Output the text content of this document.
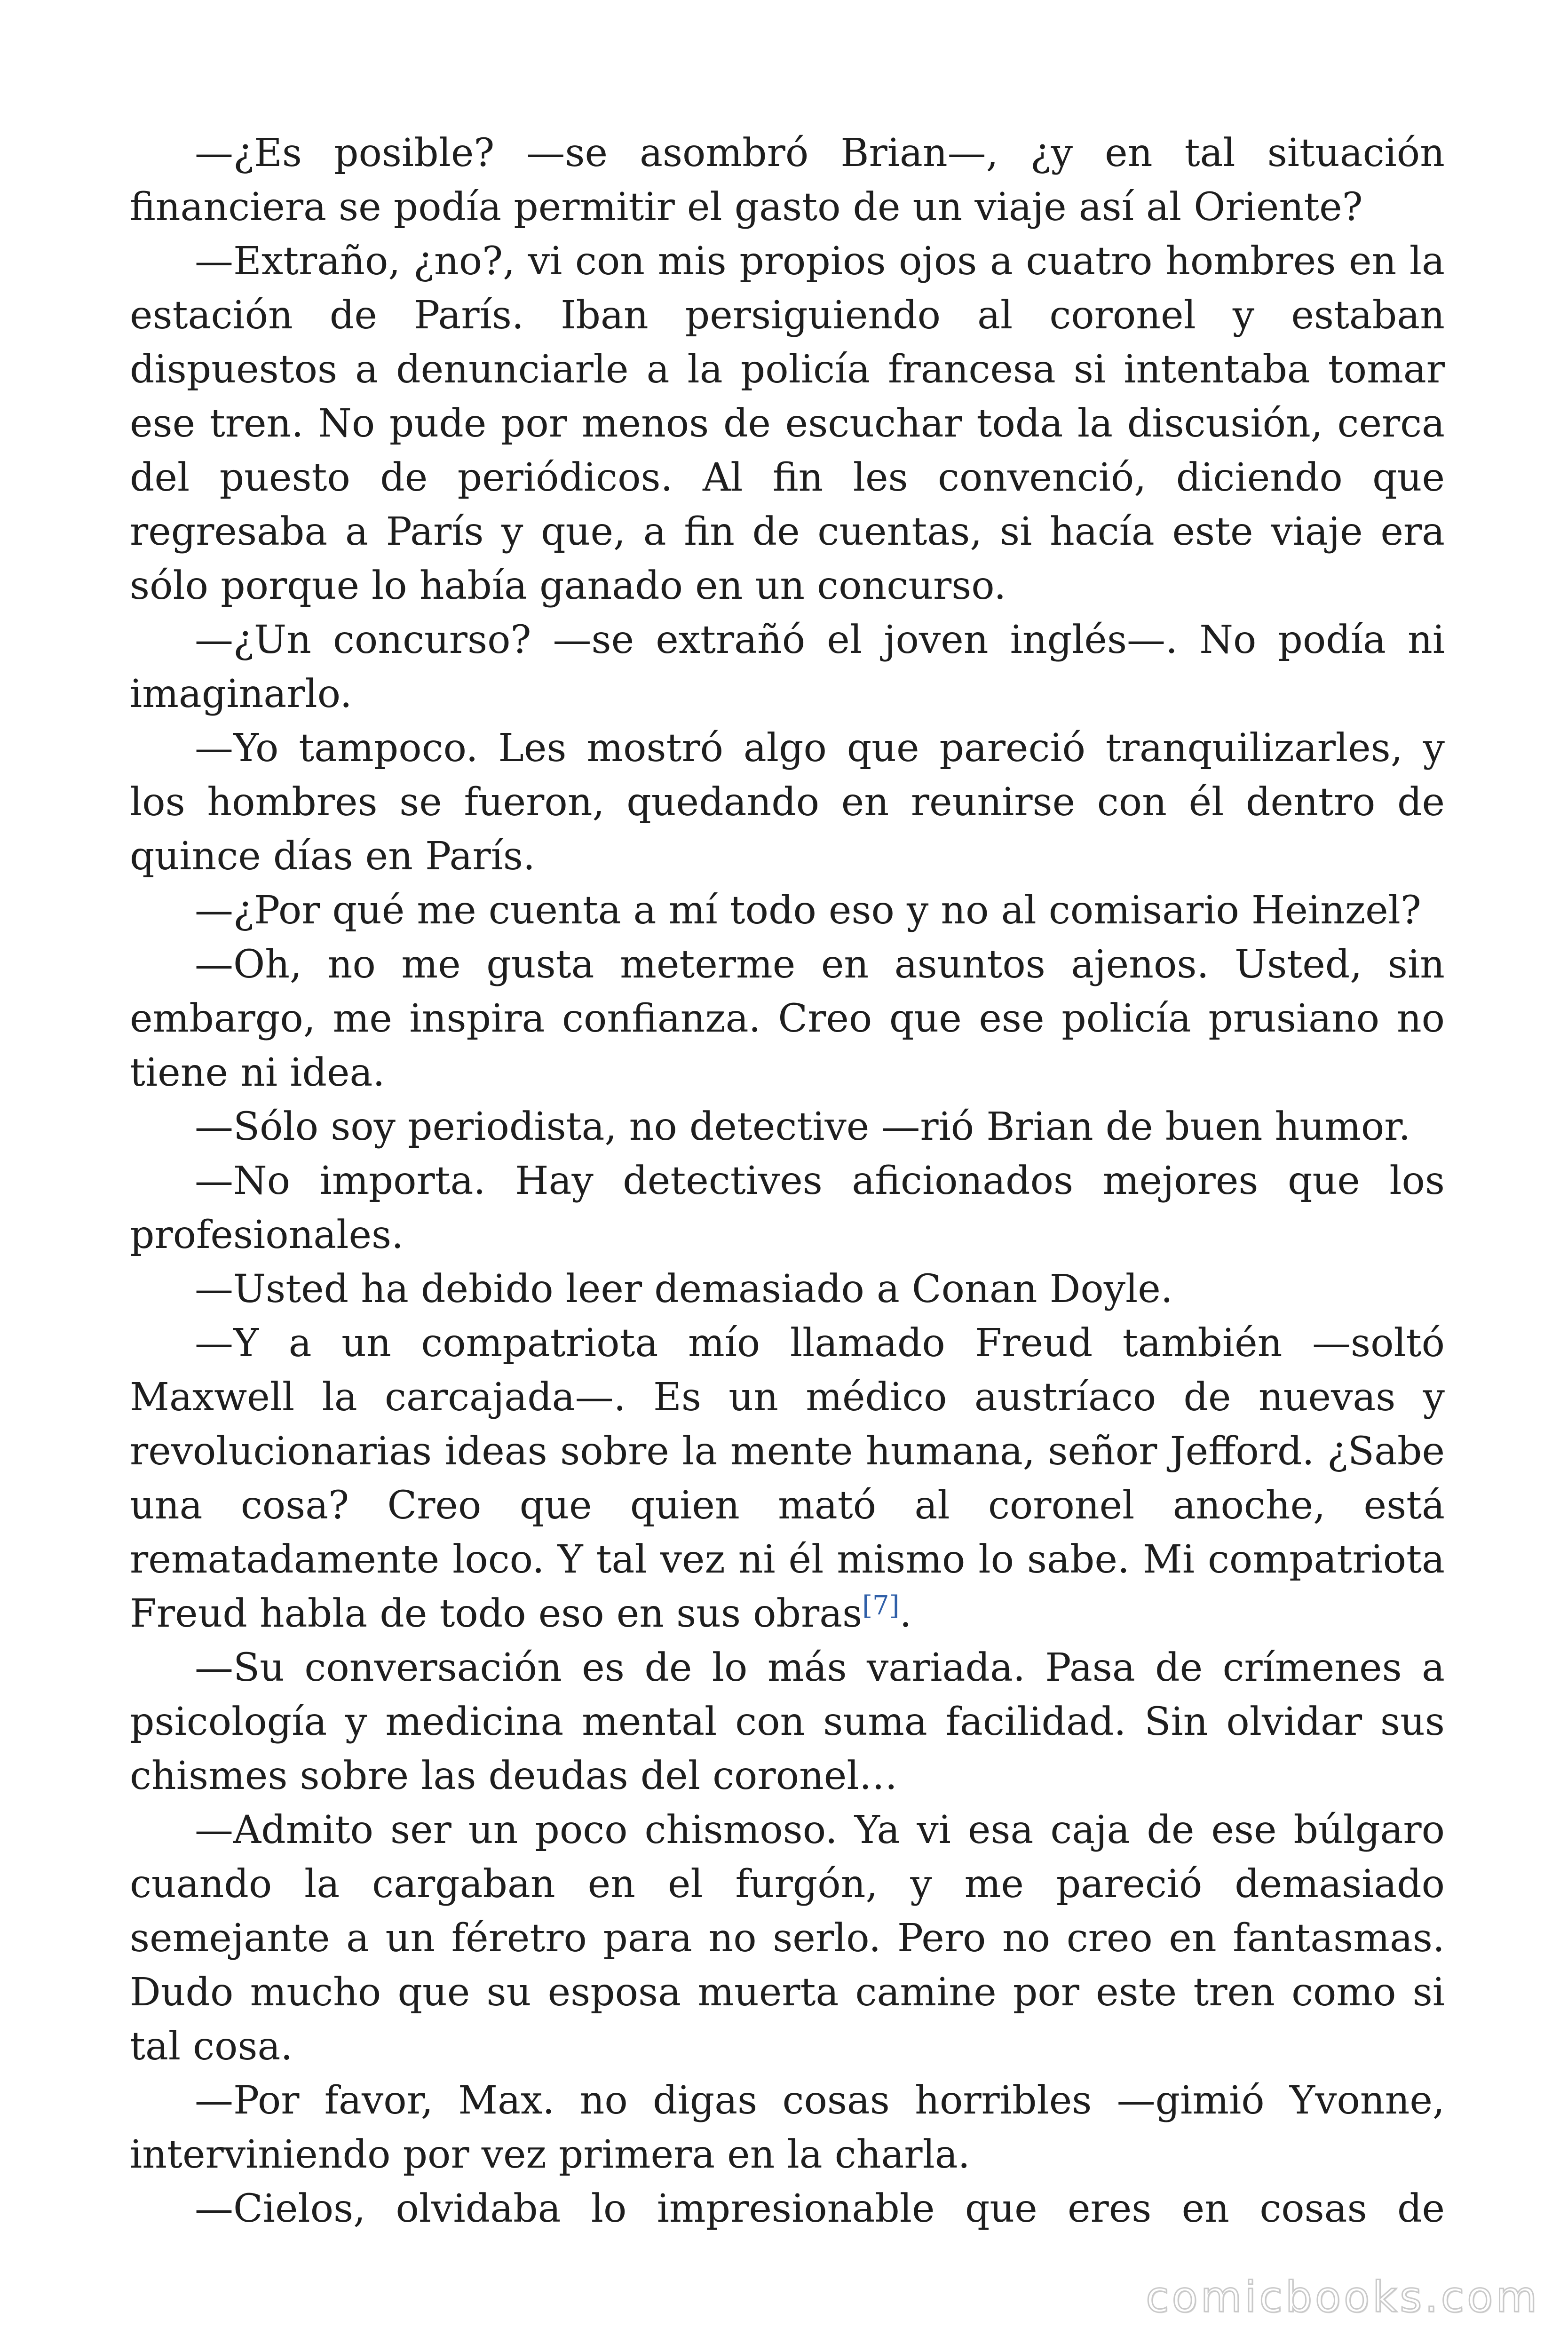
—¿Es posible? —se asombró Brian—, ¿y en tal situación financiera se podía permitir el gasto de un viaje así al Oriente?

—Extraño, ¿no?, vi con mis propios ojos a cuatro hombres en la estación de París. Iban persiguiendo al coronel y estaban dispuestos a denunciarle a la policía francesa si intentaba tomar ese tren. No pude por menos de escuchar toda la discusión, cerca del puesto de periódicos. Al fin les convenció, diciendo que regresaba a París y que, a fin de cuentas, si hacía este viaje era sólo porque lo había ganado en un concurso.

—¿Un concurso? —se extrañó el joven inglés—. No podía ni imaginarlo.

—Yo tampoco. Les mostró algo que pareció tranquilizarles, y los hombres se fueron, quedando en reunirse con él dentro de quince días en París.

—¿Por qué me cuenta a mí todo eso y no al comisario Heinzel?

—Oh, no me gusta meterme en asuntos ajenos. Usted, sin embargo, me inspira confianza. Creo que ese policía prusiano no tiene ni idea.

—Sólo soy periodista, no detective —rió Brian de buen humor.

—No importa. Hay detectives aficionados mejores que los profesionales.

—Usted ha debido leer demasiado a Conan Doyle.

—Y a un compatriota mío llamado Freud también —soltó Maxwell la carcajada—. Es un médico austríaco de nuevas y revolucionarias ideas sobre la mente humana, señor Jefford. ¿Sabe una cosa? Creo que quien mató al coronel anoche, está rematadamente loco. Y tal vez ni él mismo lo sabe. Mi compatriota Freud habla de todo eso en sus obras[7].

—Su conversación es de lo más variada. Pasa de crímenes a psicología y medicina mental con suma facilidad. Sin olvidar sus chismes sobre las deudas del coronel…

—Admito ser un poco chismoso. Ya vi esa caja de ese búlgaro cuando la cargaban en el furgón, y me pareció demasiado semejante a un féretro para no serlo. Pero no creo en fantasmas. Dudo mucho que su esposa muerta camine por este tren como si tal cosa.

—Por favor, Max. no digas cosas horribles —gimió Yvonne, interviniendo por vez primera en la charla.

—Cielos, olvidaba lo impresionable que eres en cosas de

comicbooks.com
